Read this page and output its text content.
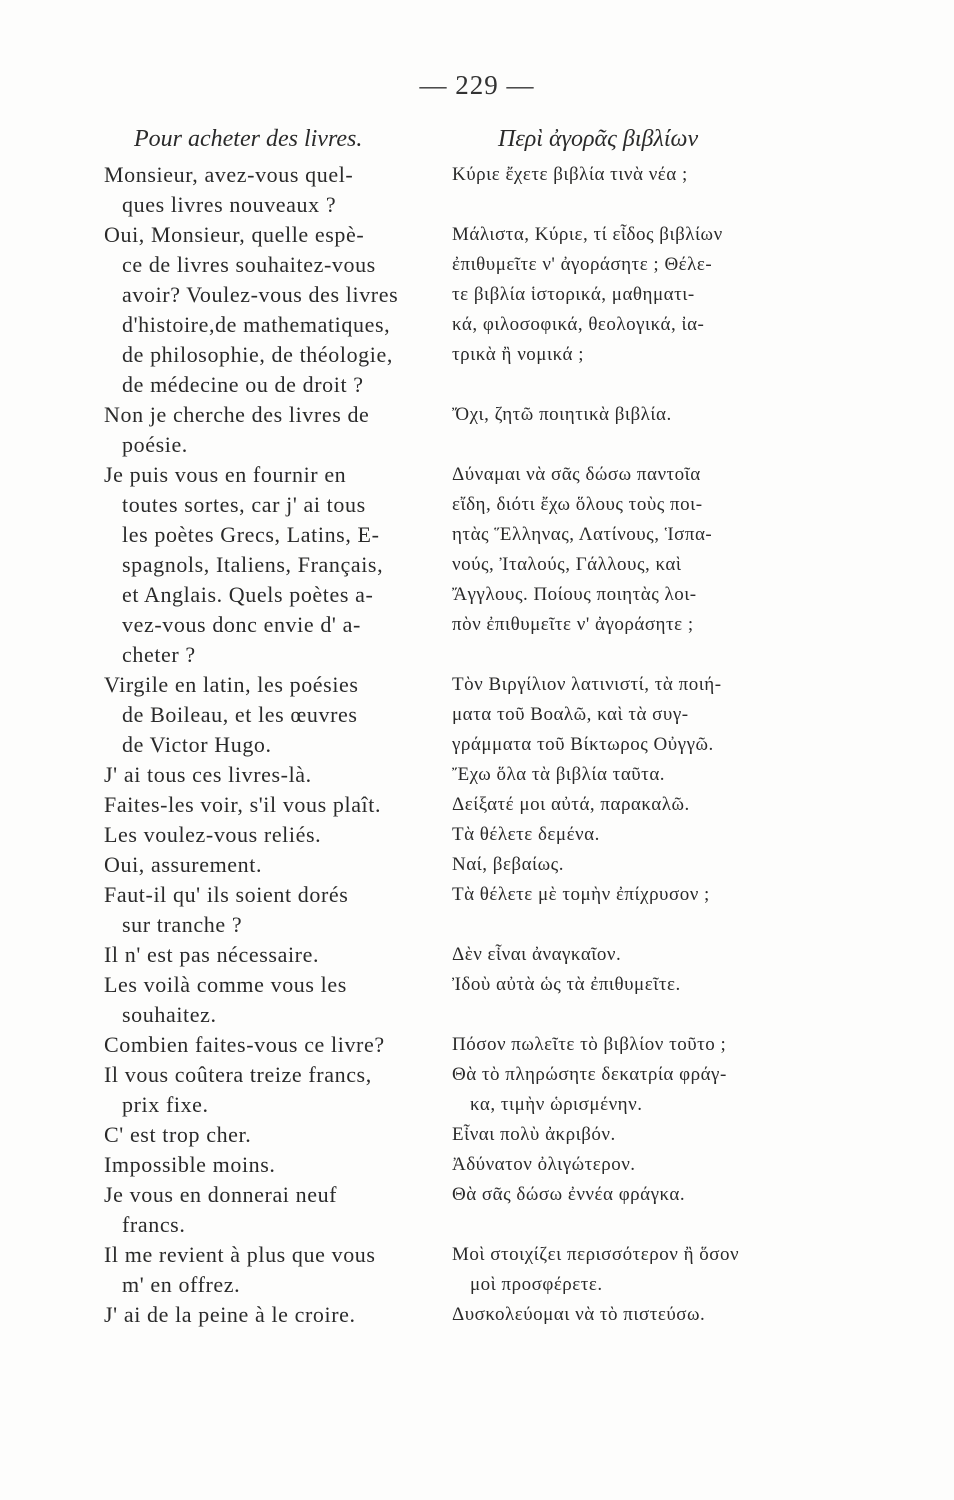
— 229 —
Pour acheter des livres.
Monsieur, avez-vous quel-
ques livres nouveaux ?
Oui, Monsieur, quelle espè-
ce de livres souhaitez-vous
avoir? Voulez-vous des livres
d'histoire,de mathematiques,
de philosophie, de théologie,
de médecine ou de droit ?
Non je cherche des livres de
poésie.
Je puis vous en fournir en
toutes sortes, car j' ai tous
les poètes Grecs, Latins, E-
spagnols, Italiens, Français,
et Anglais. Quels poètes a-
vez-vous donc envie d' a-
cheter ?
Virgile en latin, les poésies
de Boileau, et les œuvres
de Victor Hugo.
J' ai tous ces livres-là.
Faites-les voir, s'il vous plaît.
Les voulez-vous reliés.
Oui, assurement.
Faut-il qu' ils soient dorés
sur tranche ?
Il n' est pas nécessaire.
Les voilà comme vous les
souhaitez.
Combien faites-vous ce livre?
Il vous coûtera treize francs,
prix fixe.
C' est trop cher.
Impossible moins.
Je vous en donnerai neuf
francs.
Il me revient à plus que vous
m' en offrez.
J' ai de la peine à le croire.
Περὶ ἀγορᾶς βιβλίων
Κύριε ἔχετε βιβλία τινὰ νέα ;
Μάλιστα, Κύριε, τί εἶδος βιβλίων
ἐπιθυμεῖτε ν' ἀγοράσητε ; Θέλε-
τε βιβλία ἱστορικά, μαθηματι-
κά, φιλοσοφικά, θεολογικά, ἰα-
τρικὰ ἢ νομικά ;
Ὄχι, ζητῶ ποιητικὰ βιβλία.
Δύναμαι νὰ σᾶς δώσω παντοῖα
εἴδη, διότι ἔχω ὅλους τοὺς ποι-
ητὰς Ἕλληνας, Λατίνους, Ἱσπα-
νούς, Ἰταλούς, Γάλλους, καὶ
Ἄγγλους. Ποίους ποιητὰς λοι-
πὸν ἐπιθυμεῖτε ν' ἀγοράσητε ;
Τὸν Βιργίλιον λατινιστί, τὰ ποιή-
ματα τοῦ Βοαλῶ, καὶ τὰ συγ-
γράμματα τοῦ Βίκτωρος Οὐγγῶ.
Ἔχω ὅλα τὰ βιβλία ταῦτα.
Δείξατέ μοι αὐτά, παρακαλῶ.
Τὰ θέλετε δεμένα.
Ναί, βεβαίως.
Τὰ θέλετε μὲ τομὴν ἐπίχρυσον ;
Δὲν εἶναι ἀναγκαῖον.
Ἰδοὺ αὐτὰ ὡς τὰ ἐπιθυμεῖτε.
Πόσον πωλεῖτε τὸ βιβλίον τοῦτο ;
Θὰ τὸ πληρώσητε δεκατρία φράγ-
κα, τιμὴν ὡρισμένην.
Εἶναι πολὺ ἀκριβόν.
Ἀδύνατον ὀλιγώτερον.
Θὰ σᾶς δώσω ἐννέα φράγκα.
Μοὶ στοιχίζει περισσότερον ἢ ὅσον
μοὶ προσφέρετε.
Δυσκολεύομαι νὰ τὸ πιστεύσω.
